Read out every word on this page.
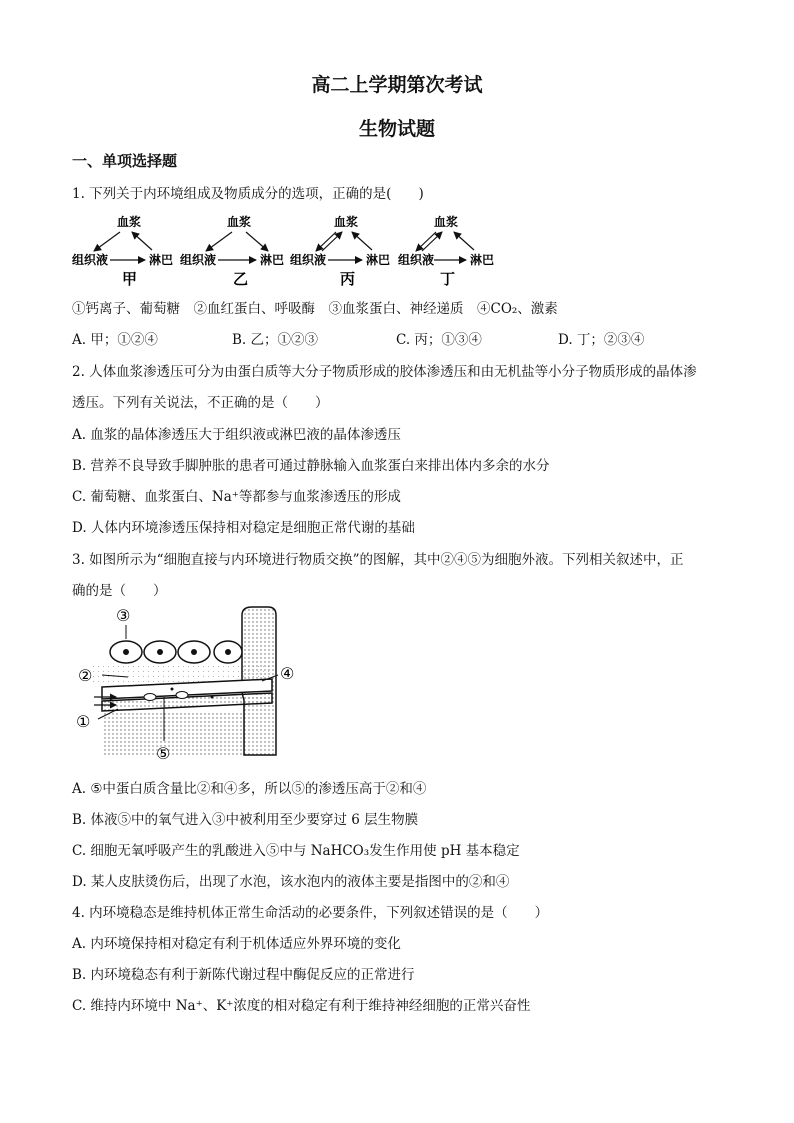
高二上学期第次考试
生物试题
一、单项选择题
1. 下列关于内环境组成及物质成分的选项，正确的是(　　)
血浆
组织液	淋巴
甲
血浆
组织液	淋巴
乙
血浆
组织液	淋巴
丙
血浆
组织液	淋巴
丁
①钙离子、葡萄糖　②血红蛋白、呼吸酶　③血浆蛋白、神经递质　④CO₂、激素
A. 甲；①②④	B. 乙；①②③	C. 丙；①③④	D. 丁；②③④
2. 人体血浆渗透压可分为由蛋白质等大分子物质形成的胶体渗透压和由无机盐等小分子物质形成的晶体渗
透压。下列有关说法，不正确的是（　　）
A. 血浆的晶体渗透压大于组织液或淋巴液的晶体渗透压
B. 营养不良导致手脚肿胀的患者可通过静脉输入血浆蛋白来排出体内多余的水分
C. 葡萄糖、血浆蛋白、Na⁺等都参与血浆渗透压的形成
D. 人体内环境渗透压保持相对稳定是细胞正常代谢的基础
3. 如图所示为“细胞直接与内环境进行物质交换”的图解，其中②④⑤为细胞外液。下列相关叙述中，正
确的是（　　）
③
②	④
①
⑤
A. ⑤中蛋白质含量比②和④多，所以⑤的渗透压高于②和④
B. 体液⑤中的氧气进入③中被利用至少要穿过 6 层生物膜
C. 细胞无氧呼吸产生的乳酸进入⑤中与 NaHCO₃发生作用使 pH 基本稳定
D. 某人皮肤烫伤后，出现了水泡，该水泡内的液体主要是指图中的②和④
4. 内环境稳态是维持机体正常生命活动的必要条件，下列叙述错误的是（　　）
A. 内环境保持相对稳定有利于机体适应外界环境的变化
B. 内环境稳态有利于新陈代谢过程中酶促反应的正常进行
C. 维持内环境中 Na⁺、K⁺浓度的相对稳定有利于维持神经细胞的正常兴奋性
